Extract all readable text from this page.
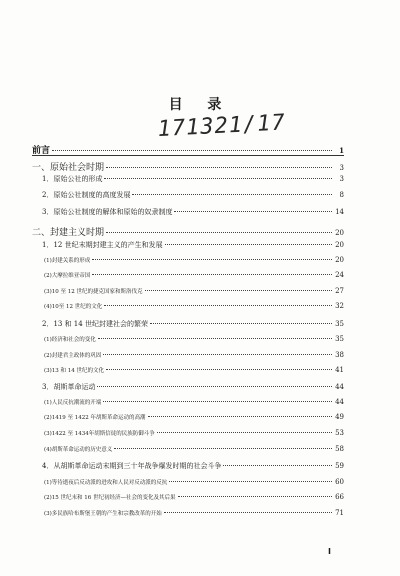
目 录
171321/17
前言	1
一、原始社会时期	3
1．原始公社的形成	3
2．原始公社制度的高度发展	8
3．原始公社制度的解体和原始的奴隶制度	14
二、封建主义时期	20
1．12 世纪末期封建主义的产生和发展	20
(1)封建关系的形成	20
(2)大摩拉维亚帝国	24
(3)10 至 12 世纪的捷克国家和斯洛伐克	27
(4)10至 12 世纪的文化	32
2．13 和 14 世纪封建社会的繁荣	35
(1)经济和社会的变化	35
(2)封建君主政体的巩固	38
(3)13 和 14 世纪的文化	41
3．胡斯革命运动	44
(1)人民反抗潮流的开端	44
(2)1419 至 1422 年胡斯革命运动的高潮	49
(3)1422 至 1434年胡斯信徒的民族防御斗争	53
(4)胡斯革命运动的历史意义	58
4．从胡斯革命运动末期到三十年战争爆发时期的社会斗争	59
(1)等待逝夜后反动派的进攻和人民对反动派的反抗	60
(2)15 世纪末和 16 世纪初经济—社会的变化及其后果	66
(3)多民族哈布斯堡王朝的产生和宗教改革的开始	71
I
